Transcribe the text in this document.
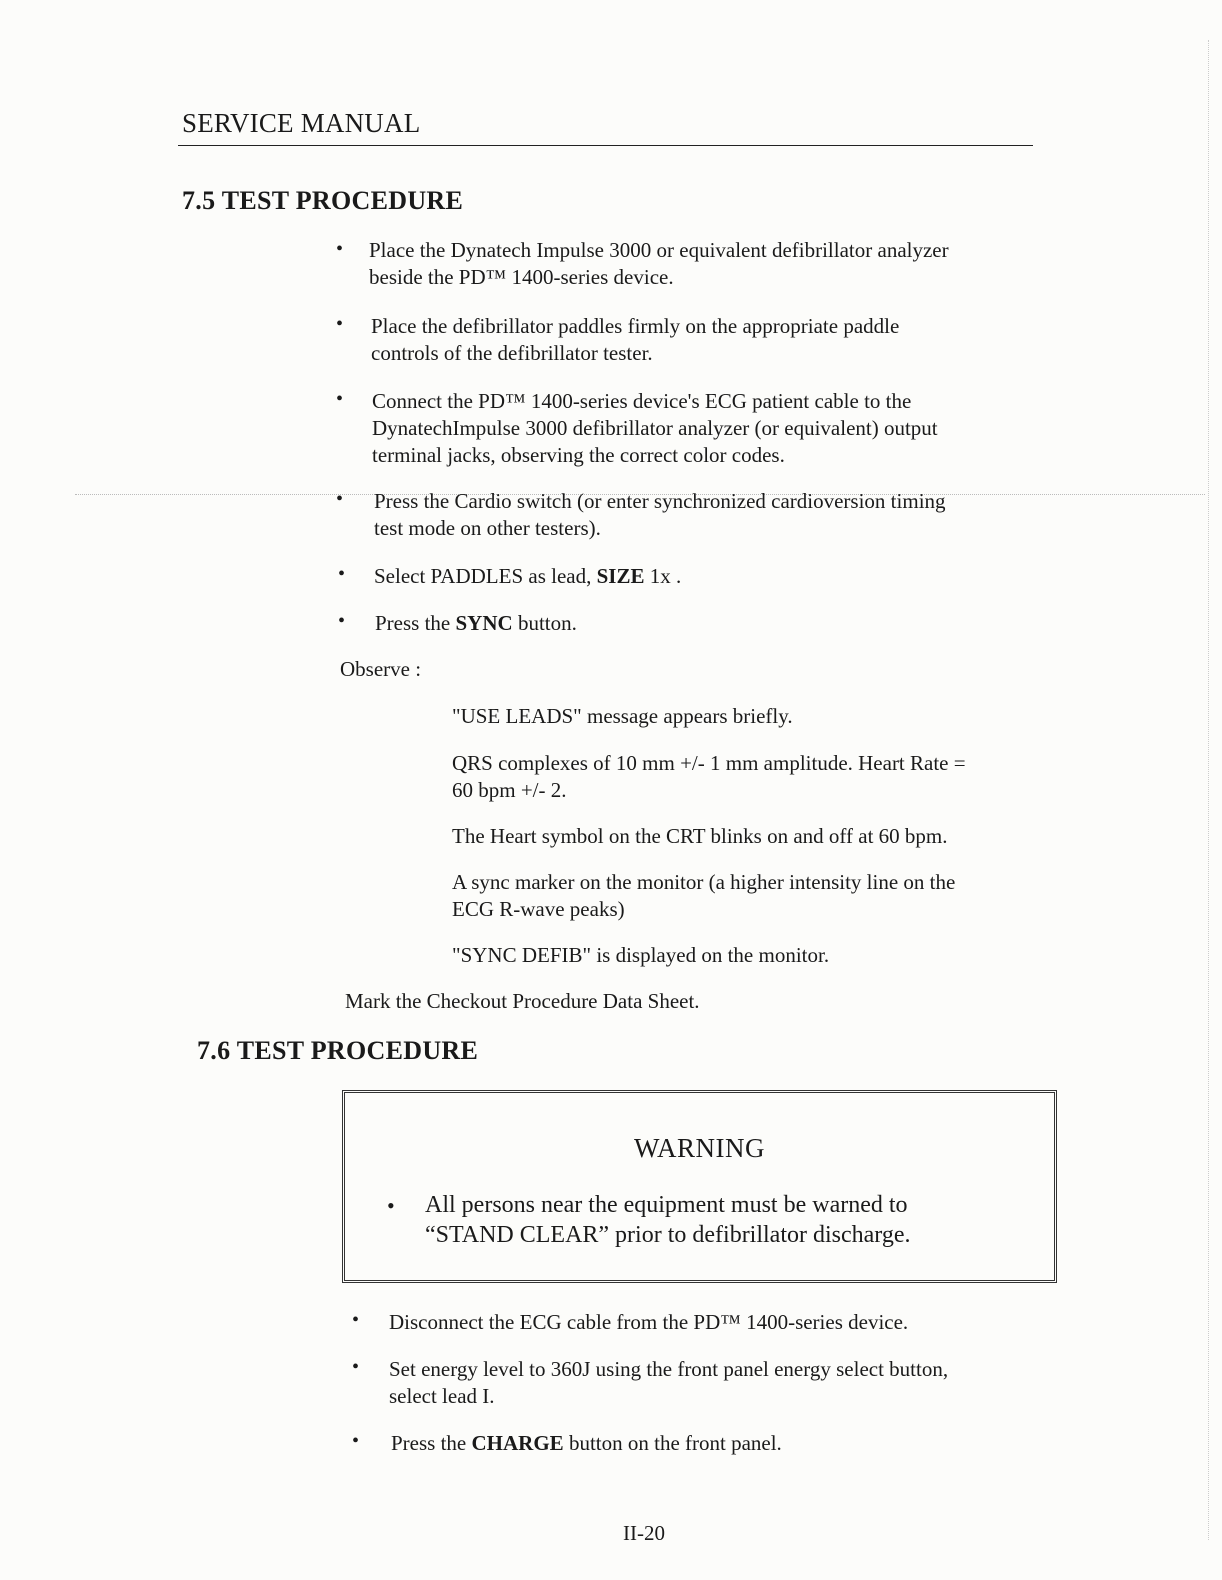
SERVICE MANUAL
7.5 TEST PROCEDURE
• Place the Dynatech Impulse 3000 or equivalent defibrillator analyzer
beside the PD™ 1400-series device.
• Place the defibrillator paddles firmly on the appropriate paddle
controls of the defibrillator tester.
• Connect the PD™ 1400-series device's ECG patient cable to the
DynatechImpulse 3000 defibrillator analyzer (or equivalent) output
terminal jacks, observing the correct color codes.
• Press the Cardio switch (or enter synchronized cardioversion timing
test mode on other testers).
• Select PADDLES as lead, SIZE 1x .
• Press the SYNC button.
Observe :
"USE LEADS" message appears briefly.
QRS complexes of 10 mm +/- 1 mm amplitude. Heart Rate =
60 bpm +/- 2.
The Heart symbol on the CRT blinks on and off at 60 bpm.
A sync marker on the monitor (a higher intensity line on the
ECG R-wave peaks)
"SYNC DEFIB" is displayed on the monitor.
Mark the Checkout Procedure Data Sheet.
7.6 TEST PROCEDURE
WARNING
• All persons near the equipment must be warned to
“STAND CLEAR” prior to defibrillator discharge.
• Disconnect the ECG cable from the PD™ 1400-series device.
• Set energy level to 360J using the front panel energy select button,
select lead I.
• Press the CHARGE button on the front panel.
II-20
